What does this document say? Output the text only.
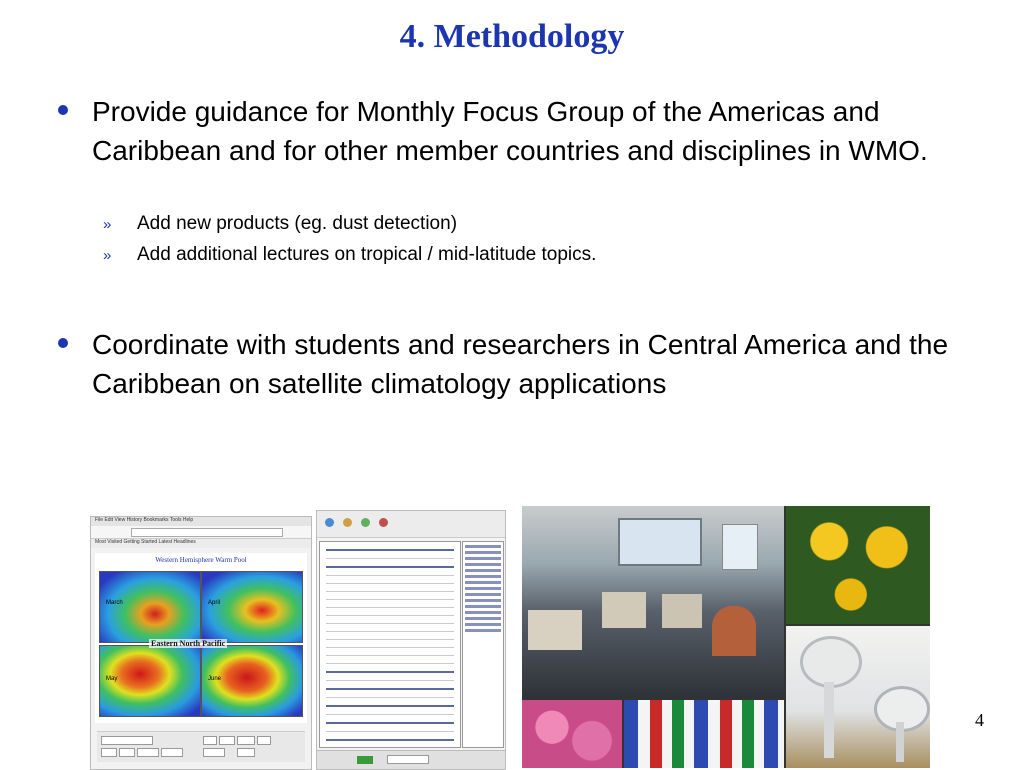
4. Methodology
Provide guidance for Monthly Focus Group of the Americas and Caribbean and for other member countries and disciplines in WMO.
» Add new products (eg. dust detection)
» Add additional lectures on tropical / mid-latitude topics.
Coordinate with students and researchers in Central America and the Caribbean on satellite climatology applications
File Edit View History Bookmarks Tools Help
Most Visited Getting Started Latest Headlines
Western Hemisphere Warm Pool
March	April
May	June
Eastern North Pacific
4
